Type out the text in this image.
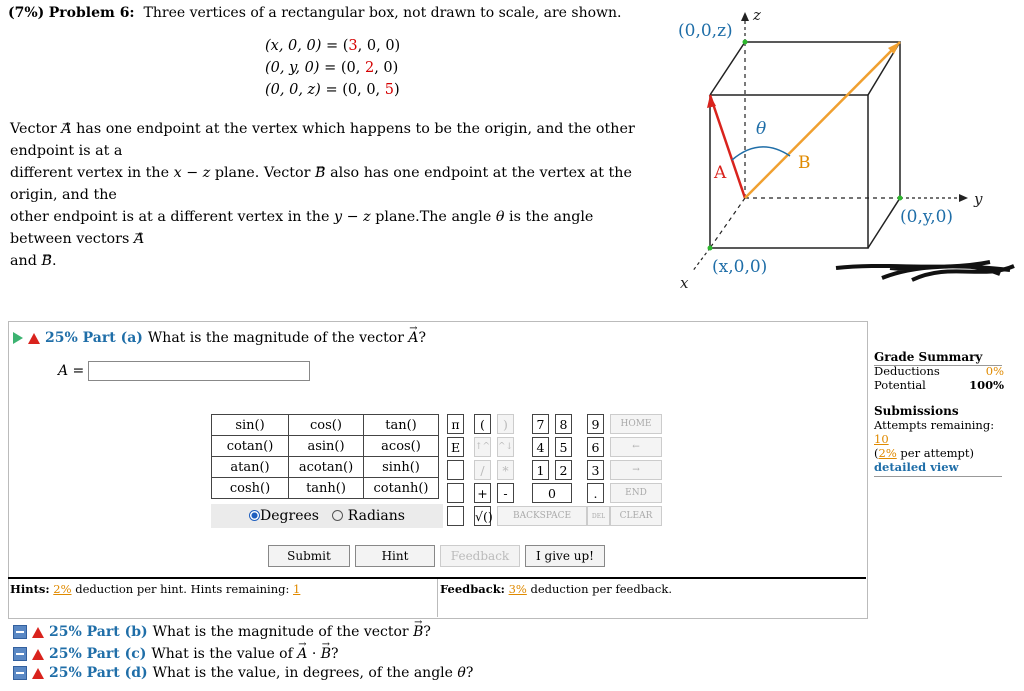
(7%) Problem 6: Three vertices of a rectangular box, not drawn to scale, are shown.
(x, 0, 0) = (3, 0, 0)
(0, y, 0) = (0, 2, 0)
(0, 0, z) = (0, 0, 5)
Vector → A has one endpoint at the vertex which happens to be the origin, and the other endpoint is at a
different vertex in the x − z plane. Vector → B also has one endpoint at the vertex at the origin, and the
other endpoint is at a different vertex in the y − z plane.The angle θ is the angle between vectors → A
and → B.
(0,0,z)
z
y
(0,y,0)
x
(x,0,0)
A	B
θ
25% Part (a) What is the magnitude of the vector → A?
A =
Grade Summary
Deductions	0%
Potential	100%
Submissions
Attempts remaining: 10
(2% per attempt)
detailed view
sin()	cos()	tan()
cotan()	asin()	acos()
atan()	acotan()	sinh()
cosh()	tanh()	cotanh()
Degrees Radians
π	(	)
E	↑^ ^↓
/	*
+	-
√()
7	8	9
4	5	6
1	2	3
0	.
HOME
←
→
END
BACKSPACE	DEL	CLEAR
Submit	Hint	Feedback	I give up!
Hints: 2% deduction per hint. Hints remaining: 1	Feedback: 3% deduction per feedback.
25% Part (b) What is the magnitude of the vector → B?
25% Part (c) What is the value of → A · → B?
25% Part (d) What is the value, in degrees, of the angle θ?
